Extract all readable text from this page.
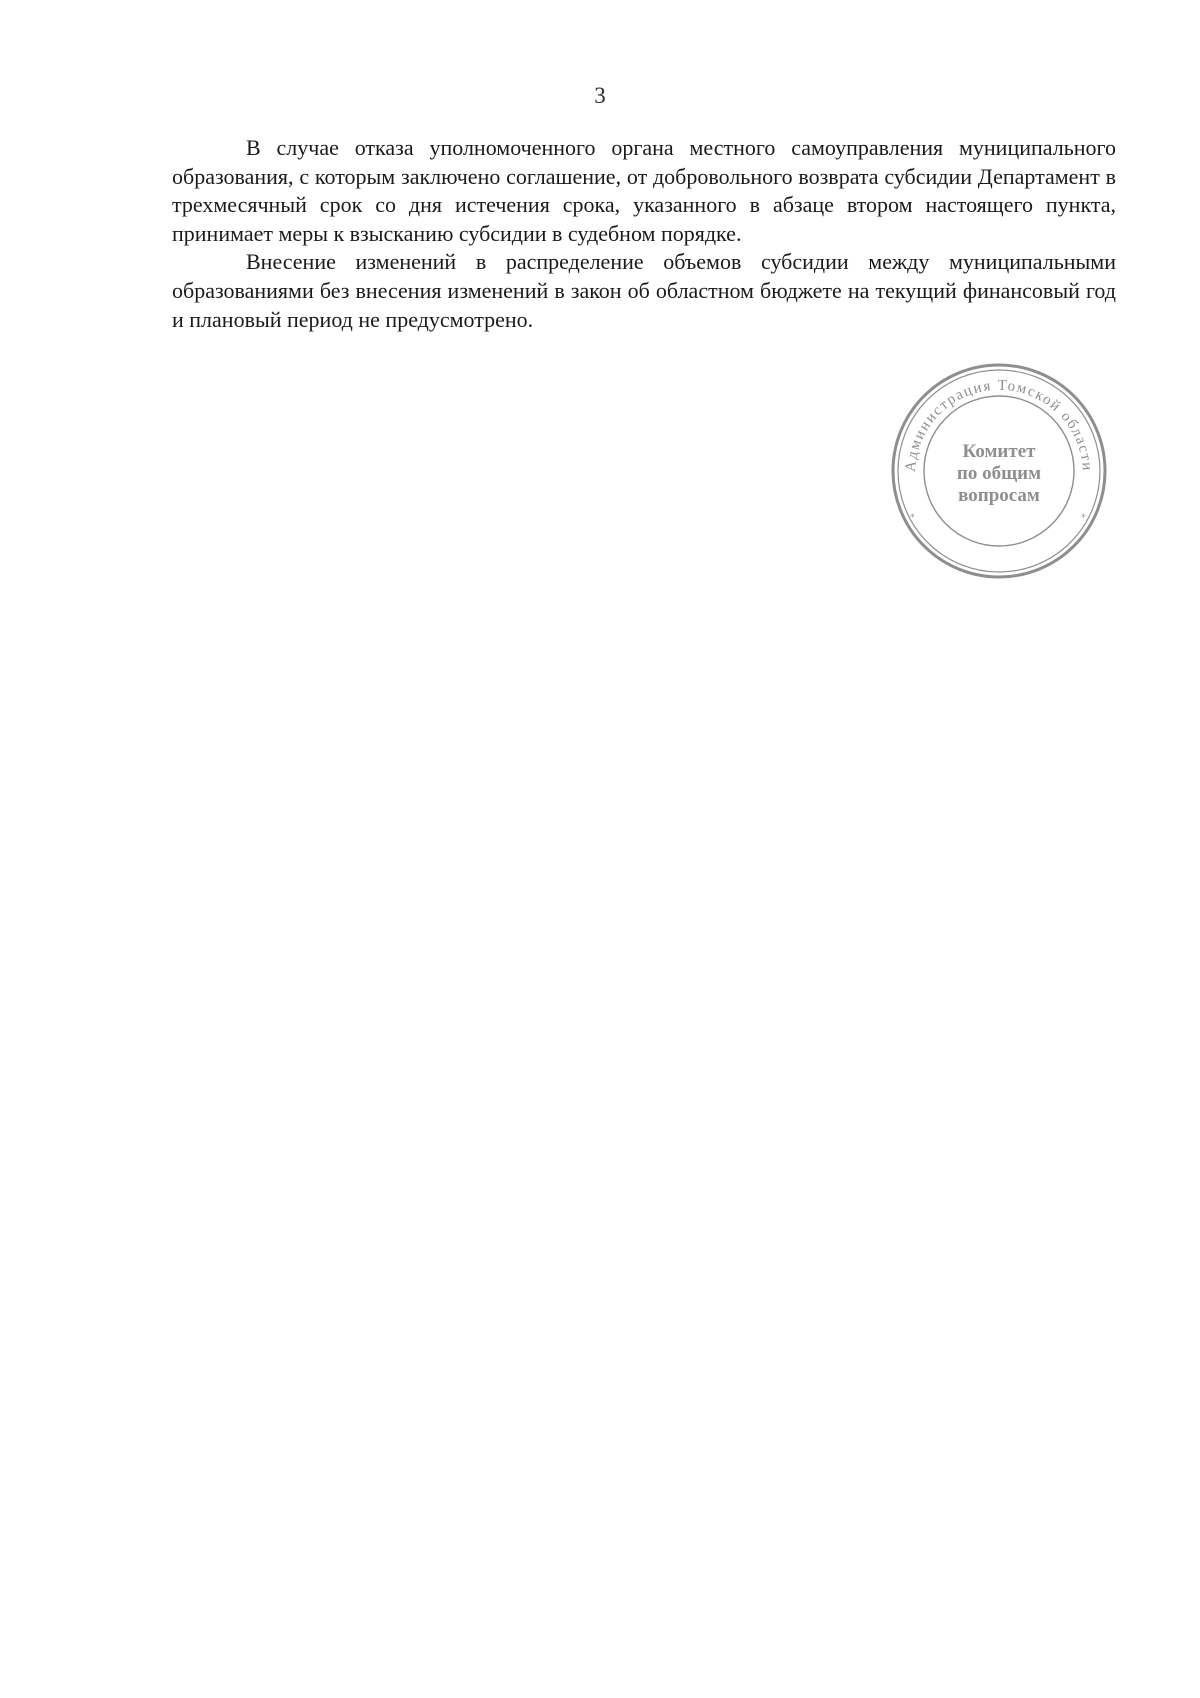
3

В случае отказа уполномоченного органа местного самоуправления муниципального образования, с которым заключено соглашение, от добровольного возврата субсидии Департамент в трехмесячный срок со дня истечения срока, указанного в абзаце втором настоящего пункта, принимает меры к взысканию субсидии в судебном порядке.

Внесение изменений в распределение объемов субсидии между муниципальными образованиями без внесения изменений в закон об областном бюджете на текущий финансовый год и плановый период не предусмотрено.

Администрация Томской области
*	*
Комитет
по общим
вопросам
